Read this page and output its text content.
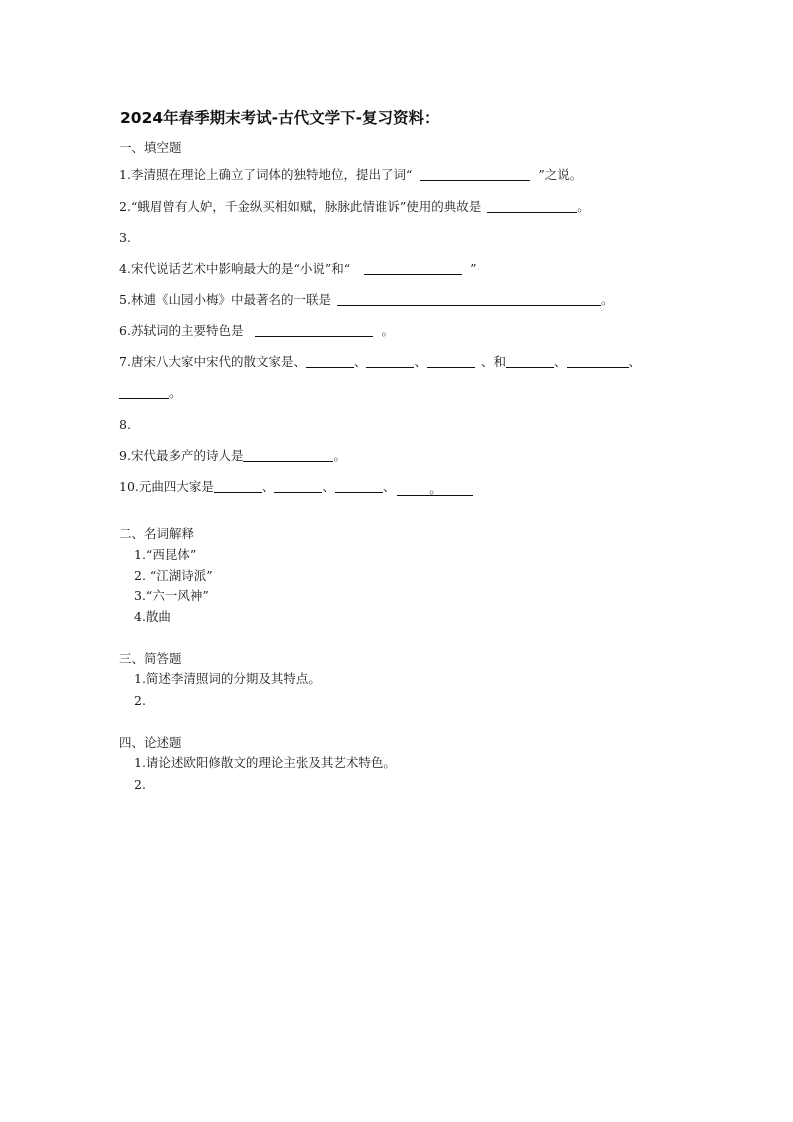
2024年春季期末考试-古代文学下-复习资料：
一、填空题
1.李清照在理论上确立了词体的独特地位，提出了词“	”之说。
2.“蛾眉曾有人妒，千金纵买相如赋，脉脉此情谁诉”使用的典故是	。
3.
4.宋代说话艺术中影响最大的是“小说”和“	”
5.林逋《山园小梅》中最著名的一联是	。
6.苏轼词的主要特色是	。
7.唐宋八大家中宋代的散文家是、	、	、	、和	、	、
。
8.
9.宋代最多产的诗人是	。
10.元曲四大家是	、	、	、	。
二、名词解释
1.“西昆体”
2. “江湖诗派”
3.“六一风神”
4.散曲
三、简答题
1.简述李清照词的分期及其特点。
2.
四、论述题
1.请论述欧阳修散文的理论主张及其艺术特色。
2.
